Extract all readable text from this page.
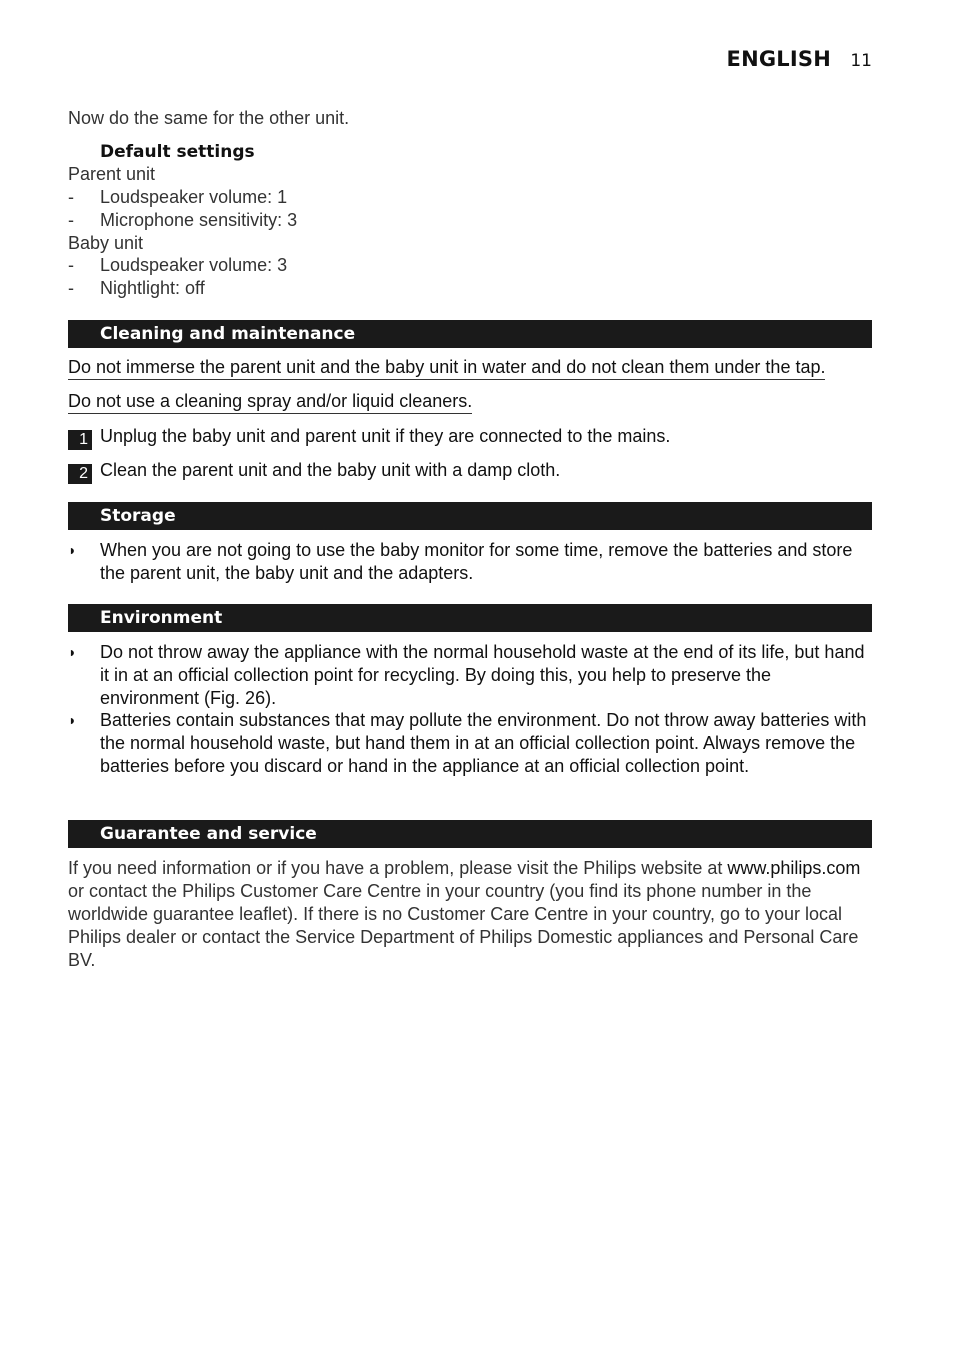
ENGLISH 11
Now do the same for the other unit.
Default settings
Parent unit
- Loudspeaker volume: 1
- Microphone sensitivity: 3
Baby unit
- Loudspeaker volume: 3
- Nightlight: off
Cleaning and maintenance
Do not immerse the parent unit and the baby unit in water and do not clean them under the tap.
Do not use a cleaning spray and/or liquid cleaners.
1 Unplug the baby unit and parent unit if they are connected to the mains.
2 Clean the parent unit and the baby unit with a damp cloth.
Storage
◗ When you are not going to use the baby monitor for some time, remove the batteries and store the parent unit, the baby unit and the adapters.
Environment
◗ Do not throw away the appliance with the normal household waste at the end of its life, but hand it in at an official collection point for recycling. By doing this, you help to preserve the environment (Fig. 26).
◗ Batteries contain substances that may pollute the environment. Do not throw away batteries with the normal household waste, but hand them in at an official collection point. Always remove the batteries before you discard or hand in the appliance at an official collection point.
Guarantee and service
If you need information or if you have a problem, please visit the Philips website at www.philips.com or contact the Philips Customer Care Centre in your country (you find its phone number in the worldwide guarantee leaflet). If there is no Customer Care Centre in your country, go to your local Philips dealer or contact the Service Department of Philips Domestic appliances and Personal Care BV.
